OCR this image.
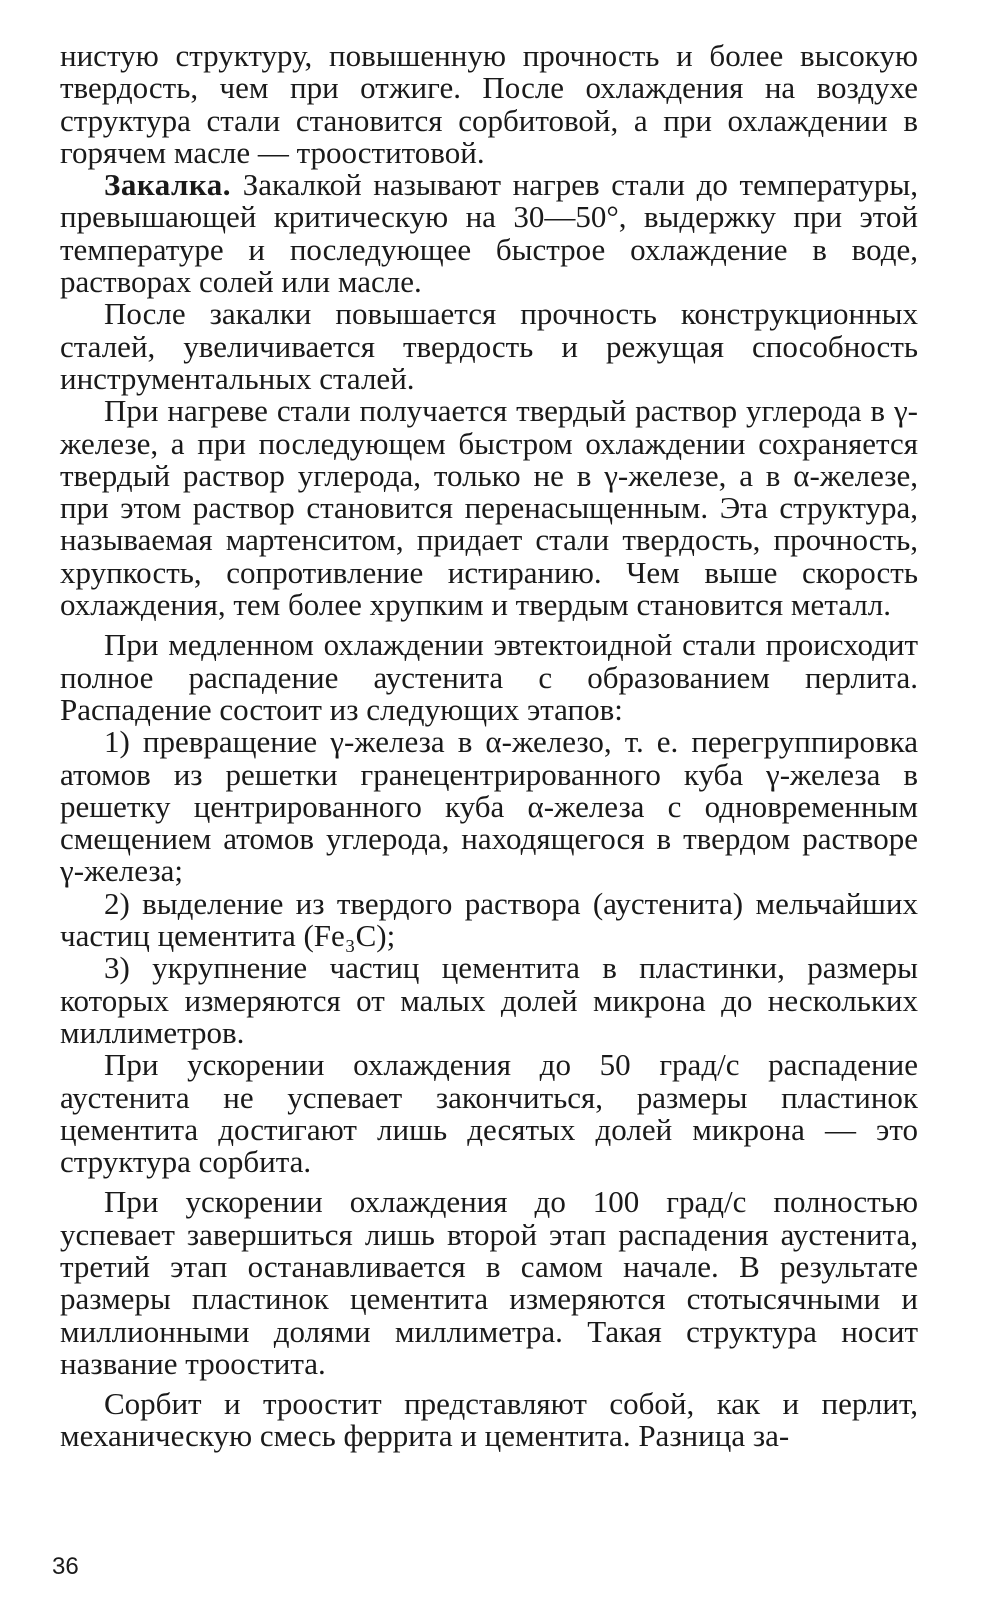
нистую структуру, повышенную прочность и более высокую твердость, чем при отжиге. После охлаждения на воздухе структура стали становится сорбитовой, а при охлаждении в горячем масле — трооститовой.

Закалка. Закалкой называют нагрев стали до температуры, превышающей критическую на 30—50°, выдержку при этой температуре и последующее быстрое охлаждение в воде, растворах солей или масле.

После закалки повышается прочность конструкционных сталей, увеличивается твердость и режущая способность инструментальных сталей.

При нагреве стали получается твердый раствор углерода в γ-железе, а при последующем быстром охлаждении сохраняется твердый раствор углерода, только не в γ-железе, а в α-железе, при этом раствор становится перенасыщенным. Эта структура, называемая мартенситом, придает стали твердость, прочность, хрупкость, сопротивление истиранию. Чем выше скорость охлаждения, тем более хрупким и твердым становится металл.

При медленном охлаждении эвтектоидной стали происходит полное распадение аустенита с образованием перлита. Распадение состоит из следующих этапов:

1) превращение γ-железа в α-железо, т. е. перегруппировка атомов из решетки гранецентрированного куба γ-железа в решетку центрированного куба α-железа с одновременным смещением атомов углерода, находящегося в твердом растворе γ-железа;

2) выделение из твердого раствора (аустенита) мельчайших частиц цементита (Fe₃C);

3) укрупнение частиц цементита в пластинки, размеры которых измеряются от малых долей микрона до нескольких миллиметров.

При ускорении охлаждения до 50 град/с распадение аустенита не успевает закончиться, размеры пластинок цементита достигают лишь десятых долей микрона — это структура сорбита.

При ускорении охлаждения до 100 град/с полностью успевает завершиться лишь второй этап распадения аустенита, третий этап останавливается в самом начале. В результате размеры пластинок цементита измеряются стотысячными и миллионными долями миллиметра. Такая структура носит название троостита.

Сорбит и троостит представляют собой, как и перлит, механическую смесь феррита и цементита. Разница за-

36
